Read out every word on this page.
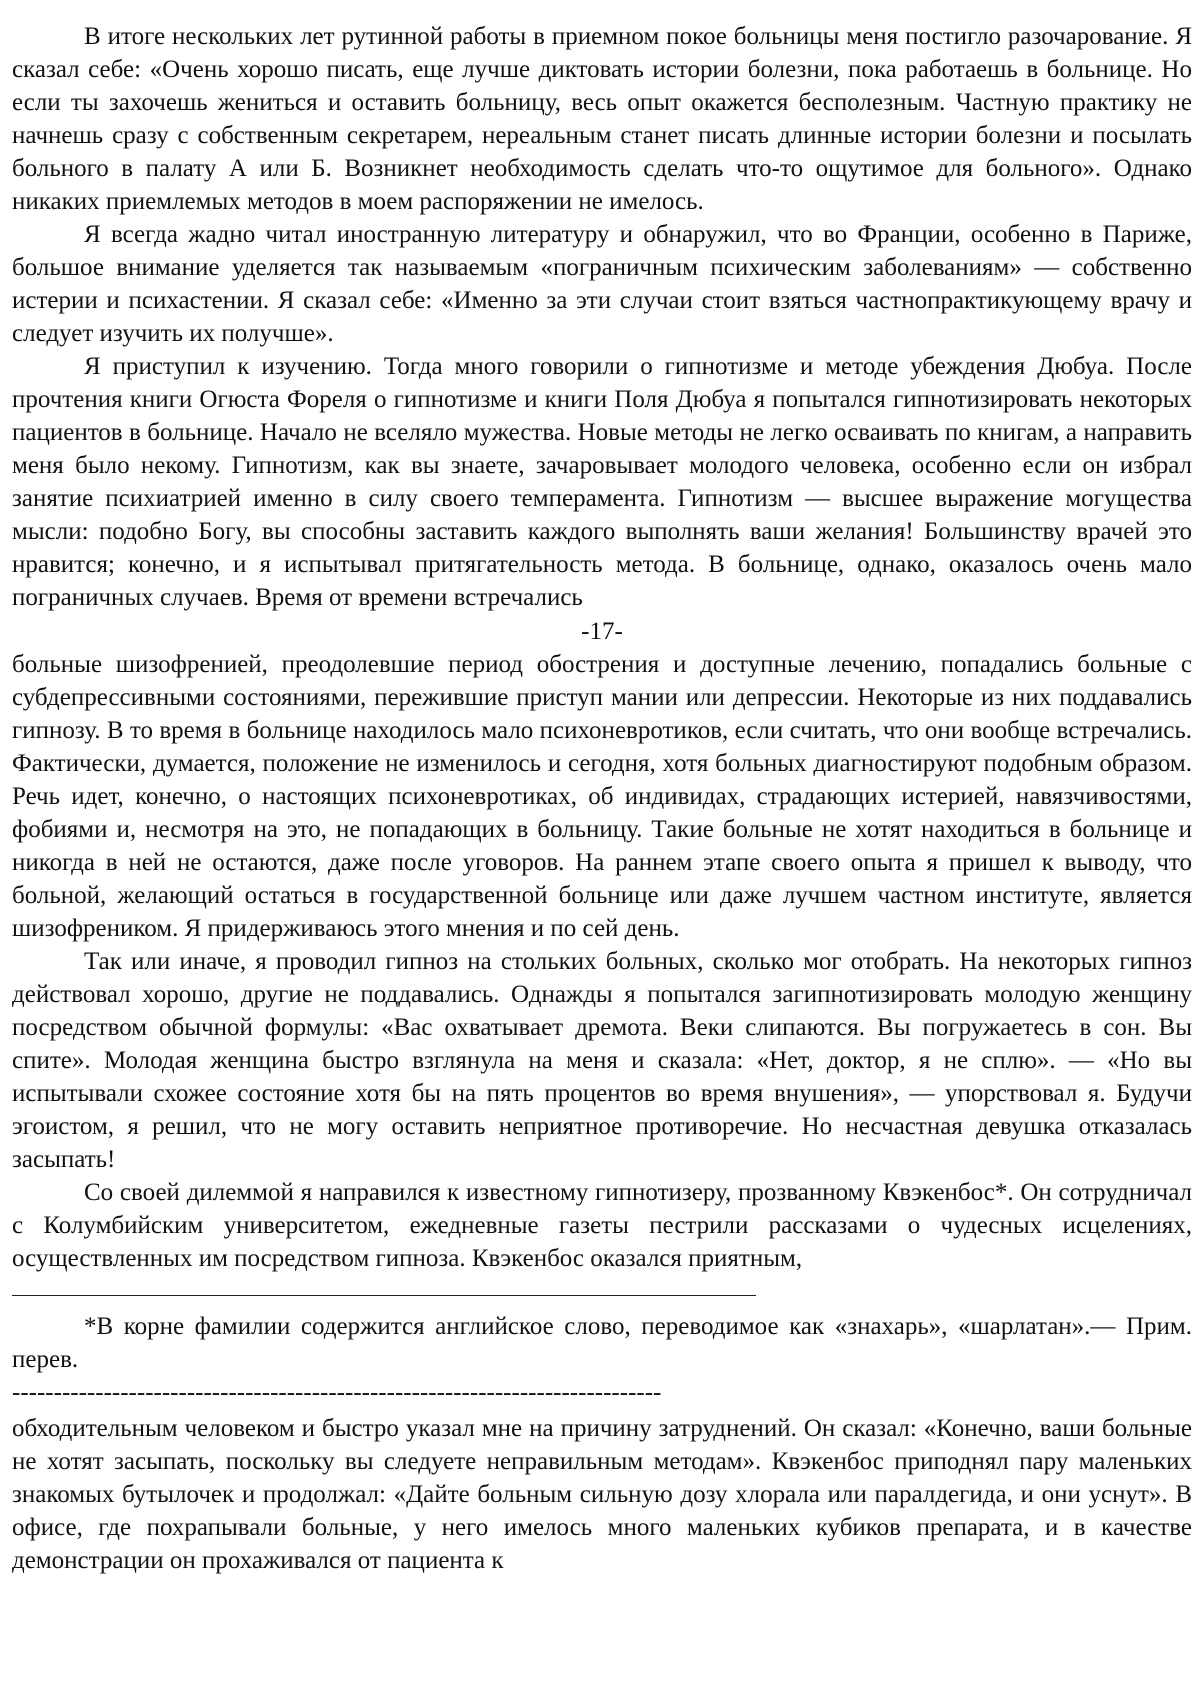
В итоге нескольких лет рутинной работы в приемном покое больницы меня постигло разочарование. Я сказал себе: «Очень хорошо писать, еще лучше диктовать истории болезни, пока работаешь в больнице. Но если ты захочешь жениться и оставить больницу, весь опыт окажется бесполезным. Частную практику не начнешь сразу с собственным секретарем, нереальным станет писать длинные истории болезни и посылать больного в палату А или Б. Возникнет необходимость сделать что-то ощутимое для больного». Однако никаких приемлемых методов в моем распоряжении не имелось.

Я всегда жадно читал иностранную литературу и обнаружил, что во Франции, особенно в Париже, большое внимание уделяется так называемым «пограничным психическим заболеваниям» — собственно истерии и психастении. Я сказал себе: «Именно за эти случаи стоит взяться частнопрактикующему врачу и следует изучить их получше».

Я приступил к изучению. Тогда много говорили о гипнотизме и методе убеждения Дюбуа. После прочтения книги Огюста Фореля о гипнотизме и книги Поля Дюбуа я попытался гипнотизировать некоторых пациентов в больнице. Начало не вселяло мужества. Новые методы не легко осваивать по книгам, а направить меня было некому. Гипнотизм, как вы знаете, зачаровывает молодого человека, особенно если он избрал занятие психиатрией именно в силу своего темперамента. Гипнотизм — высшее выражение могущества мысли: подобно Богу, вы способны заставить каждого выполнять ваши желания! Большинству врачей это нравится; конечно, и я испытывал притягательность метода. В больнице, однако, оказалось очень мало пограничных случаев. Время от времени встречались

-17-

больные шизофренией, преодолевшие период обострения и доступные лечению, попадались больные с субдепрессивными состояниями, пережившие приступ мании или депрессии. Некоторые из них поддавались гипнозу. В то время в больнице находилось мало психоневротиков, если считать, что они вообще встречались. Фактически, думается, положение не изменилось и сегодня, хотя больных диагностируют подобным образом. Речь идет, конечно, о настоящих психоневротиках, об индивидах, страдающих истерией, навязчивостями, фобиями и, несмотря на это, не попадающих в больницу. Такие больные не хотят находиться в больнице и никогда в ней не остаются, даже после уговоров. На раннем этапе своего опыта я пришел к выводу, что больной, желающий остаться в государственной больнице или даже лучшем частном институте, является шизофреником. Я придерживаюсь этого мнения и по сей день.

Так или иначе, я проводил гипноз на стольких больных, сколько мог отобрать. На некоторых гипноз действовал хорошо, другие не поддавались. Однажды я попытался загипнотизировать молодую женщину посредством обычной формулы: «Вас охватывает дремота. Веки слипаются. Вы погружаетесь в сон. Вы спите». Молодая женщина быстро взглянула на меня и сказала: «Нет, доктор, я не сплю». — «Но вы испытывали схожее состояние хотя бы на пять процентов во время внушения», — упорствовал я. Будучи эгоистом, я решил, что не могу оставить неприятное противоречие. Но несчастная девушка отказалась засыпать!

Со своей дилеммой я направился к известному гипнотизеру, прозванному Квэкенбос*. Он сотрудничал с Колумбийским университетом, ежедневные газеты пестрили рассказами о чудесных исцелениях, осуществленных им посредством гипноза. Квэкенбос оказался приятным,

*В корне фамилии содержится английское слово, переводимое как «знахарь», «шарлатан».— Прим. перев.

------------------------------------------------------------------------------

обходительным человеком и быстро указал мне на причину затруднений. Он сказал: «Конечно, ваши больные не хотят засыпать, поскольку вы следуете неправильным методам». Квэкенбос приподнял пару маленьких знакомых бутылочек и продолжал: «Дайте больным сильную дозу хлорала или паралдегида, и они уснут». В офисе, где похрапывали больные, у него имелось много маленьких кубиков препарата, и в качестве демонстрации он прохаживался от пациента к
